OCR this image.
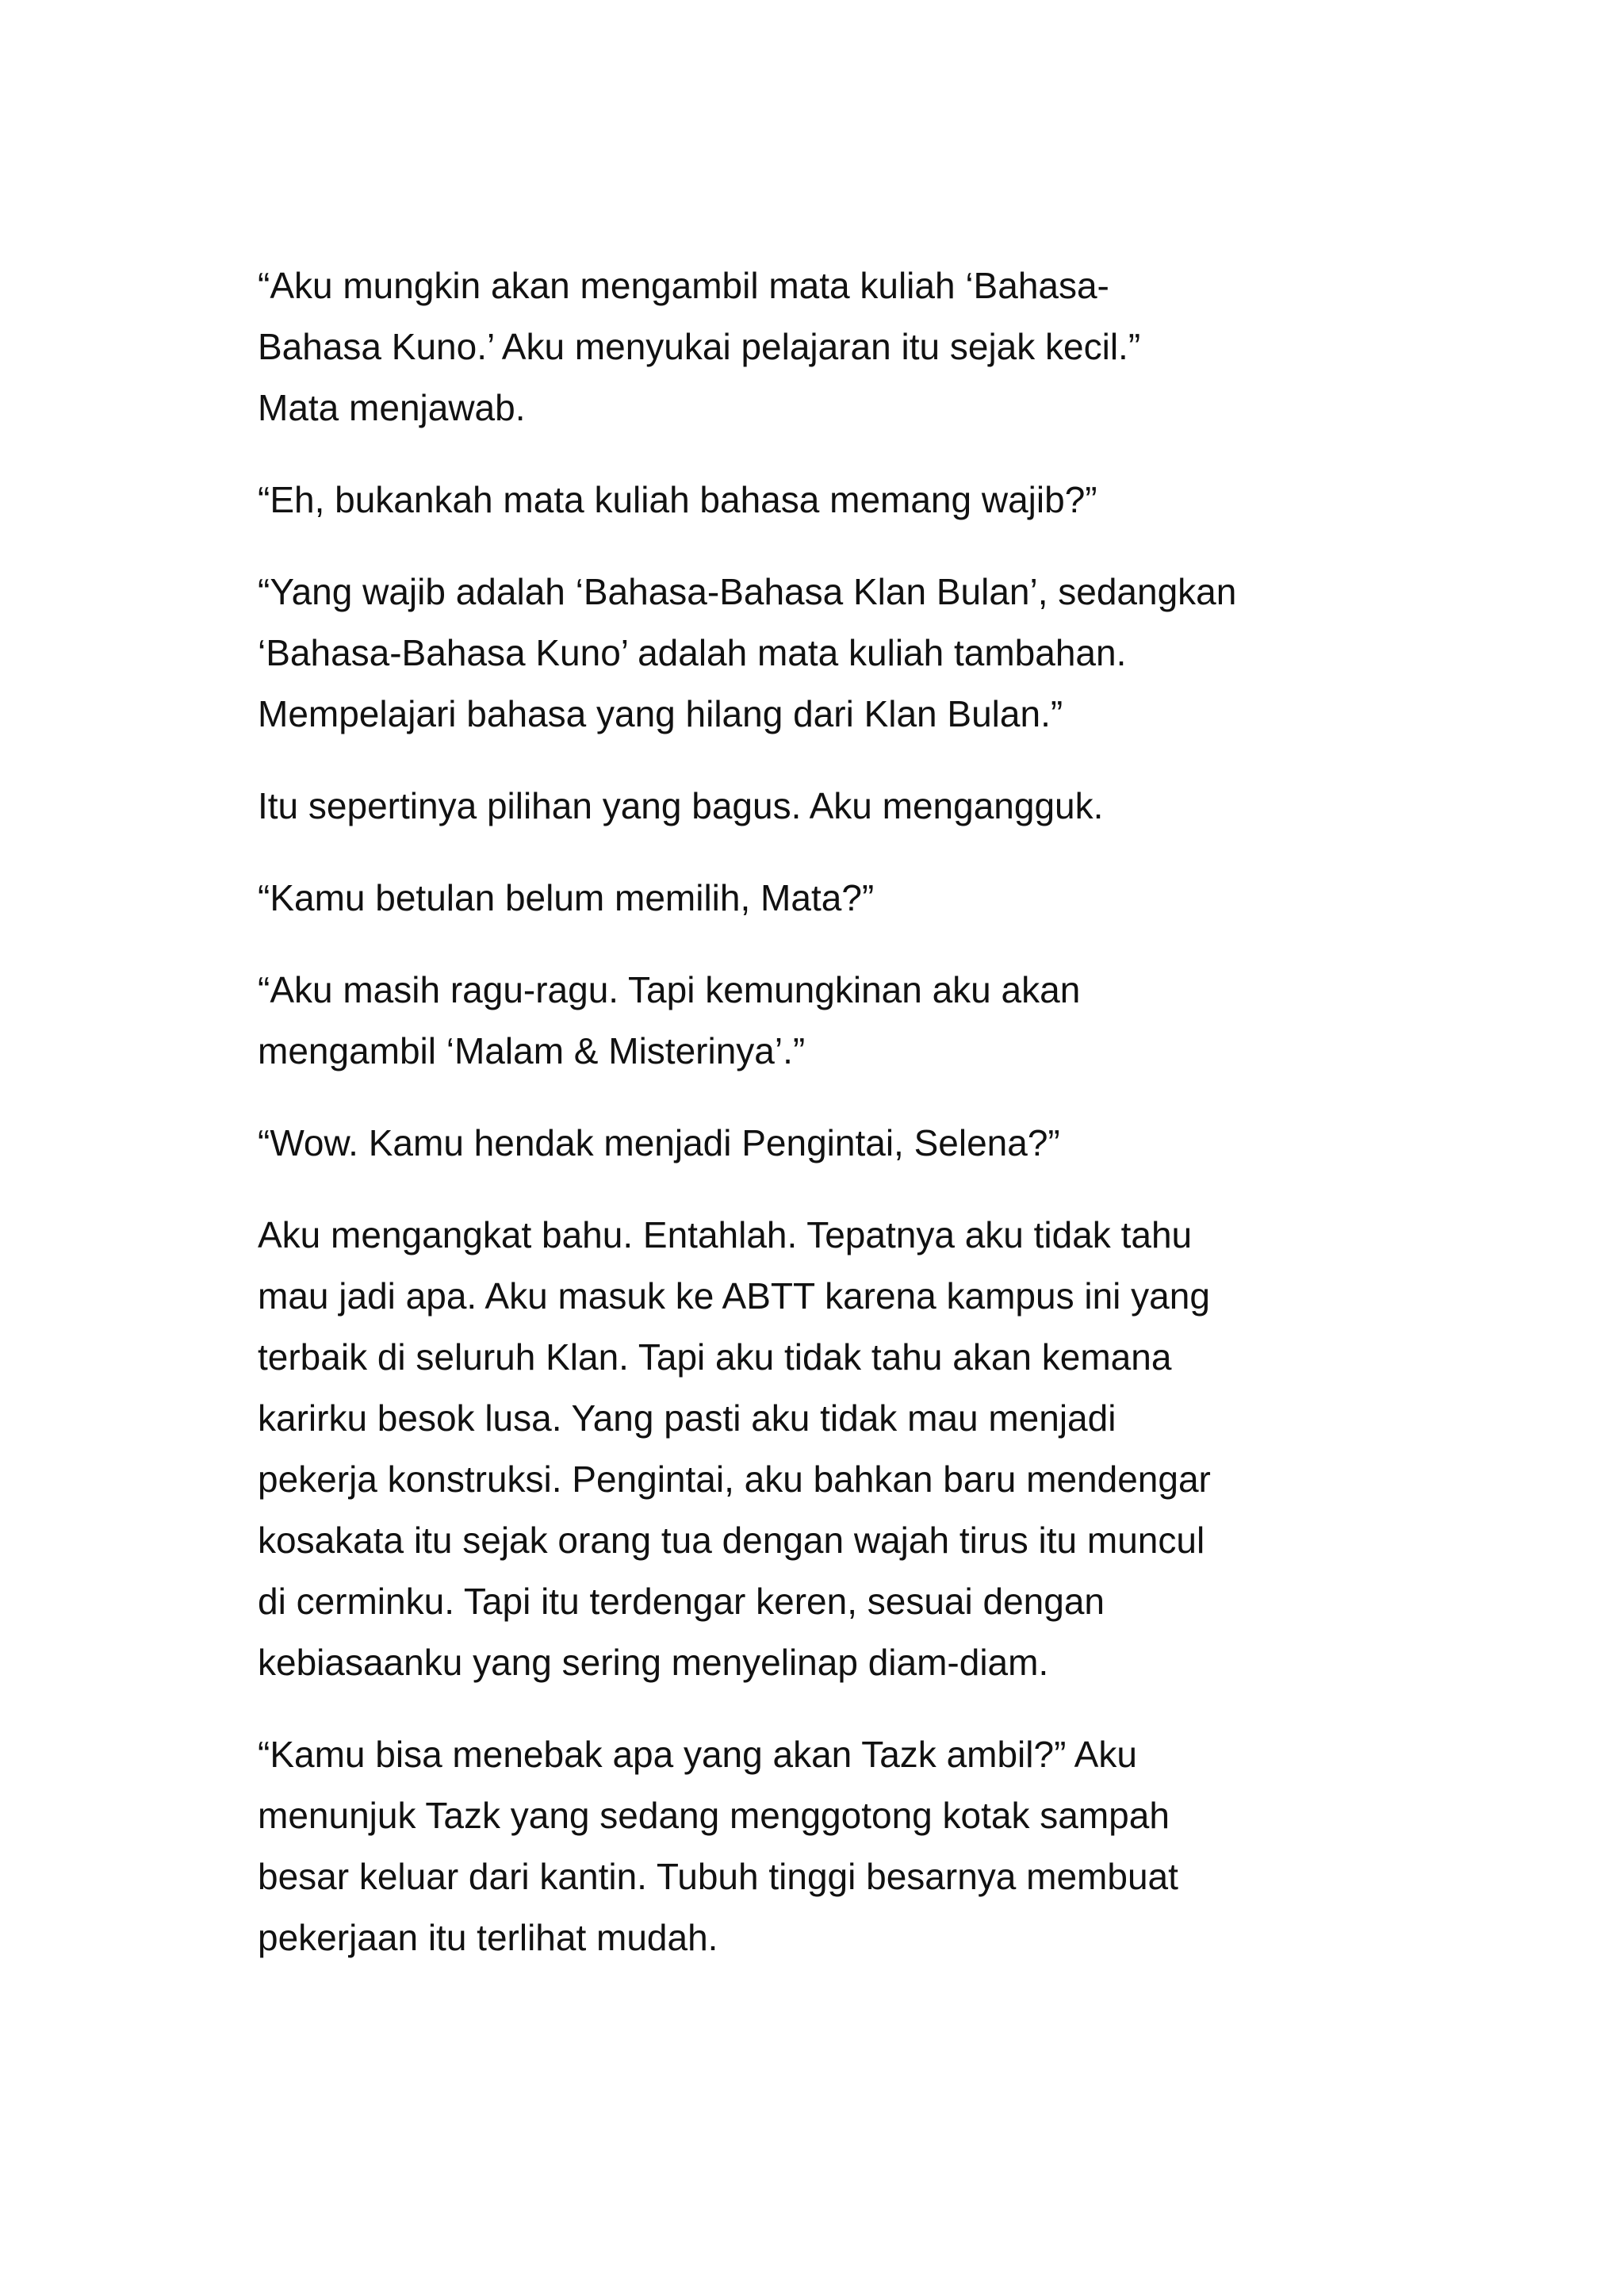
“Aku mungkin akan mengambil mata kuliah ‘Bahasa-
Bahasa Kuno.’ Aku menyukai pelajaran itu sejak kecil.”
Mata menjawab.

“Eh, bukankah mata kuliah bahasa memang wajib?”

“Yang wajib adalah ‘Bahasa-Bahasa Klan Bulan’, sedangkan
‘Bahasa-Bahasa Kuno’ adalah mata kuliah tambahan.
Mempelajari bahasa yang hilang dari Klan Bulan.”

Itu sepertinya pilihan yang bagus. Aku mengangguk.

“Kamu betulan belum memilih, Mata?”

“Aku masih ragu-ragu. Tapi kemungkinan aku akan
mengambil ‘Malam & Misterinya’.”

“Wow. Kamu hendak menjadi Pengintai, Selena?”

Aku mengangkat bahu. Entahlah. Tepatnya aku tidak tahu
mau jadi apa. Aku masuk ke ABTT karena kampus ini yang
terbaik di seluruh Klan. Tapi aku tidak tahu akan kemana
karirku besok lusa. Yang pasti aku tidak mau menjadi
pekerja konstruksi. Pengintai, aku bahkan baru mendengar
kosakata itu sejak orang tua dengan wajah tirus itu muncul
di cerminku. Tapi itu terdengar keren, sesuai dengan
kebiasaanku yang sering menyelinap diam-diam.

“Kamu bisa menebak apa yang akan Tazk ambil?” Aku
menunjuk Tazk yang sedang menggotong kotak sampah
besar keluar dari kantin. Tubuh tinggi besarnya membuat
pekerjaan itu terlihat mudah.
